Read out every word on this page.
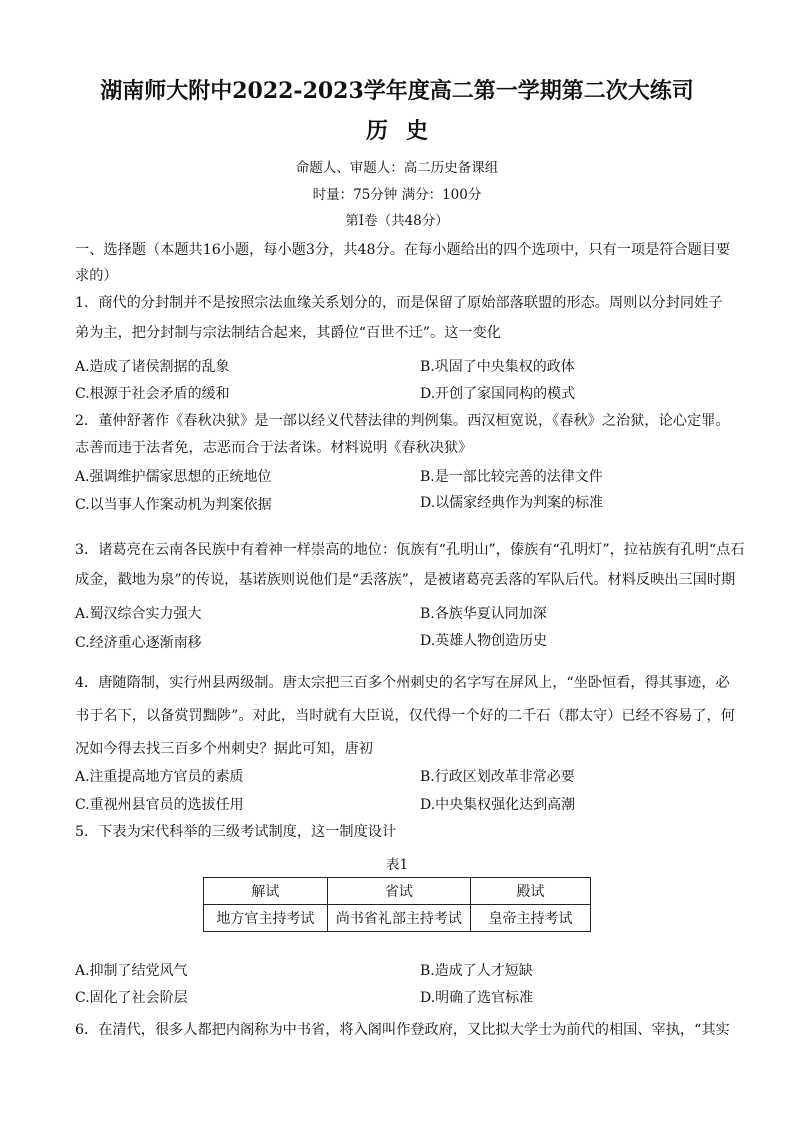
湖南师大附中2022-2023学年度高二第一学期第二次大练司
历史
命题人、审题人：高二历史备课组
时量：75分钟 满分：100分
第Ⅰ卷（共48分）
一、选择题（本题共16小题，每小题3分，共48分。在每小题给出的四个选项中，只有一项是符合题目要
求的）
1．商代的分封制并不是按照宗法血缘关系划分的，而是保留了原始部落联盟的形态。周则以分封同姓子
弟为主，把分封制与宗法制结合起来，其爵位“百世不迁”。这一变化
A.造成了诸侯割据的乱象	B.巩固了中央集权的政体
C.根源于社会矛盾的缓和	D.开创了家国同构的模式
2．董仲舒著作《春秋决狱》是一部以经义代替法律的判例集。西汉桓宽说，《春秋》之治狱，论心定罪。
志善而违于法者免，志恶而合于法者诛。材料说明《春秋决狱》
A.强调维护儒家思想的正统地位	B.是一部比较完善的法律文件
C.以当事人作案动机为判案依据	D.以儒家经典作为判案的标准
3．诸葛亮在云南各民族中有着神一样崇高的地位：佤族有“孔明山”，傣族有“孔明灯”，拉祜族有孔明“点石
成金，戳地为泉”的传说，基诺族则说他们是“丢落族”，是被诸葛亮丢落的军队后代。材料反映出三国时期
A.蜀汉综合实力强大	B.各族华夏认同加深
C.经济重心逐渐南移	D.英雄人物创造历史
4．唐随隋制，实行州县两级制。唐太宗把三百多个州刺史的名字写在屏风上，“坐卧恒看，得其事迹，必
书于名下，以备赏罚黜陟”。对此，当时就有大臣说，仅代得一个好的二千石（郡太守）已经不容易了，何
况如今得去找三百多个州刺史？据此可知，唐初
A.注重提高地方官员的素质	B.行政区划改革非常必要
C.重视州县官员的选拔任用	D.中央集权强化达到高潮
5．下表为宋代科举的三级考试制度，这一制度设计
表1
解试	省试	殿试
地方官主持考试	尚书省礼部主持考试	皇帝主持考试
A.抑制了结党风气	B.造成了人才短缺
C.固化了社会阶层	D.明确了选官标准
6．在清代，很多人都把内阁称为中书省，将入阁叫作登政府，又比拟大学士为前代的相国、宰执，“其实
